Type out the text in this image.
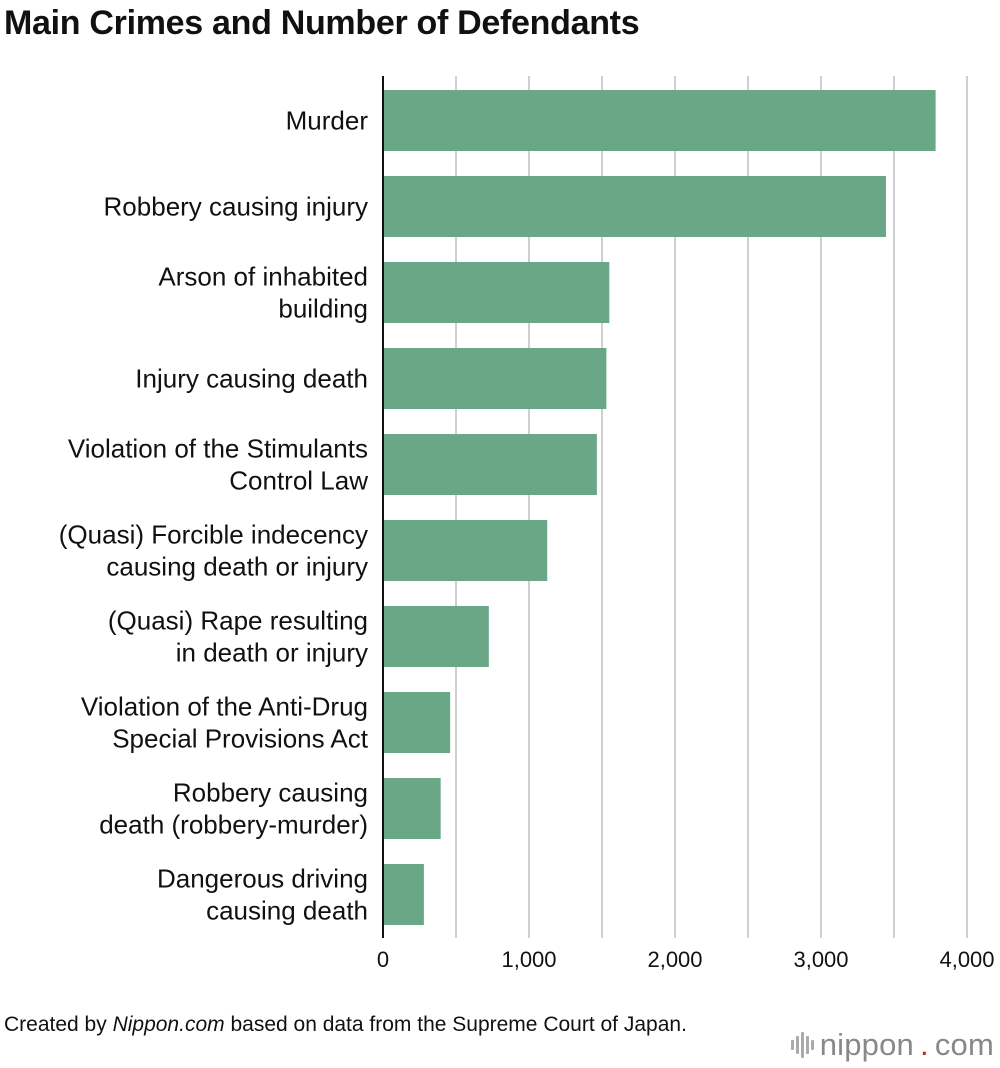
Main Crimes and Number of Defendants
Murder
Robbery causing injury
Arson of inhabited building
Injury causing death
Violation of the Stimulants Control Law
(Quasi) Forcible indecency causing death or injury
(Quasi) Rape resulting in death or injury
Violation of the Anti-Drug Special Provisions Act
Robbery causing death (robbery-murder)
Dangerous driving causing death
0	1,000	2,000	3,000	4,000
Created by Nippon.com based on data from the Supreme Court of Japan.
nippon . com
